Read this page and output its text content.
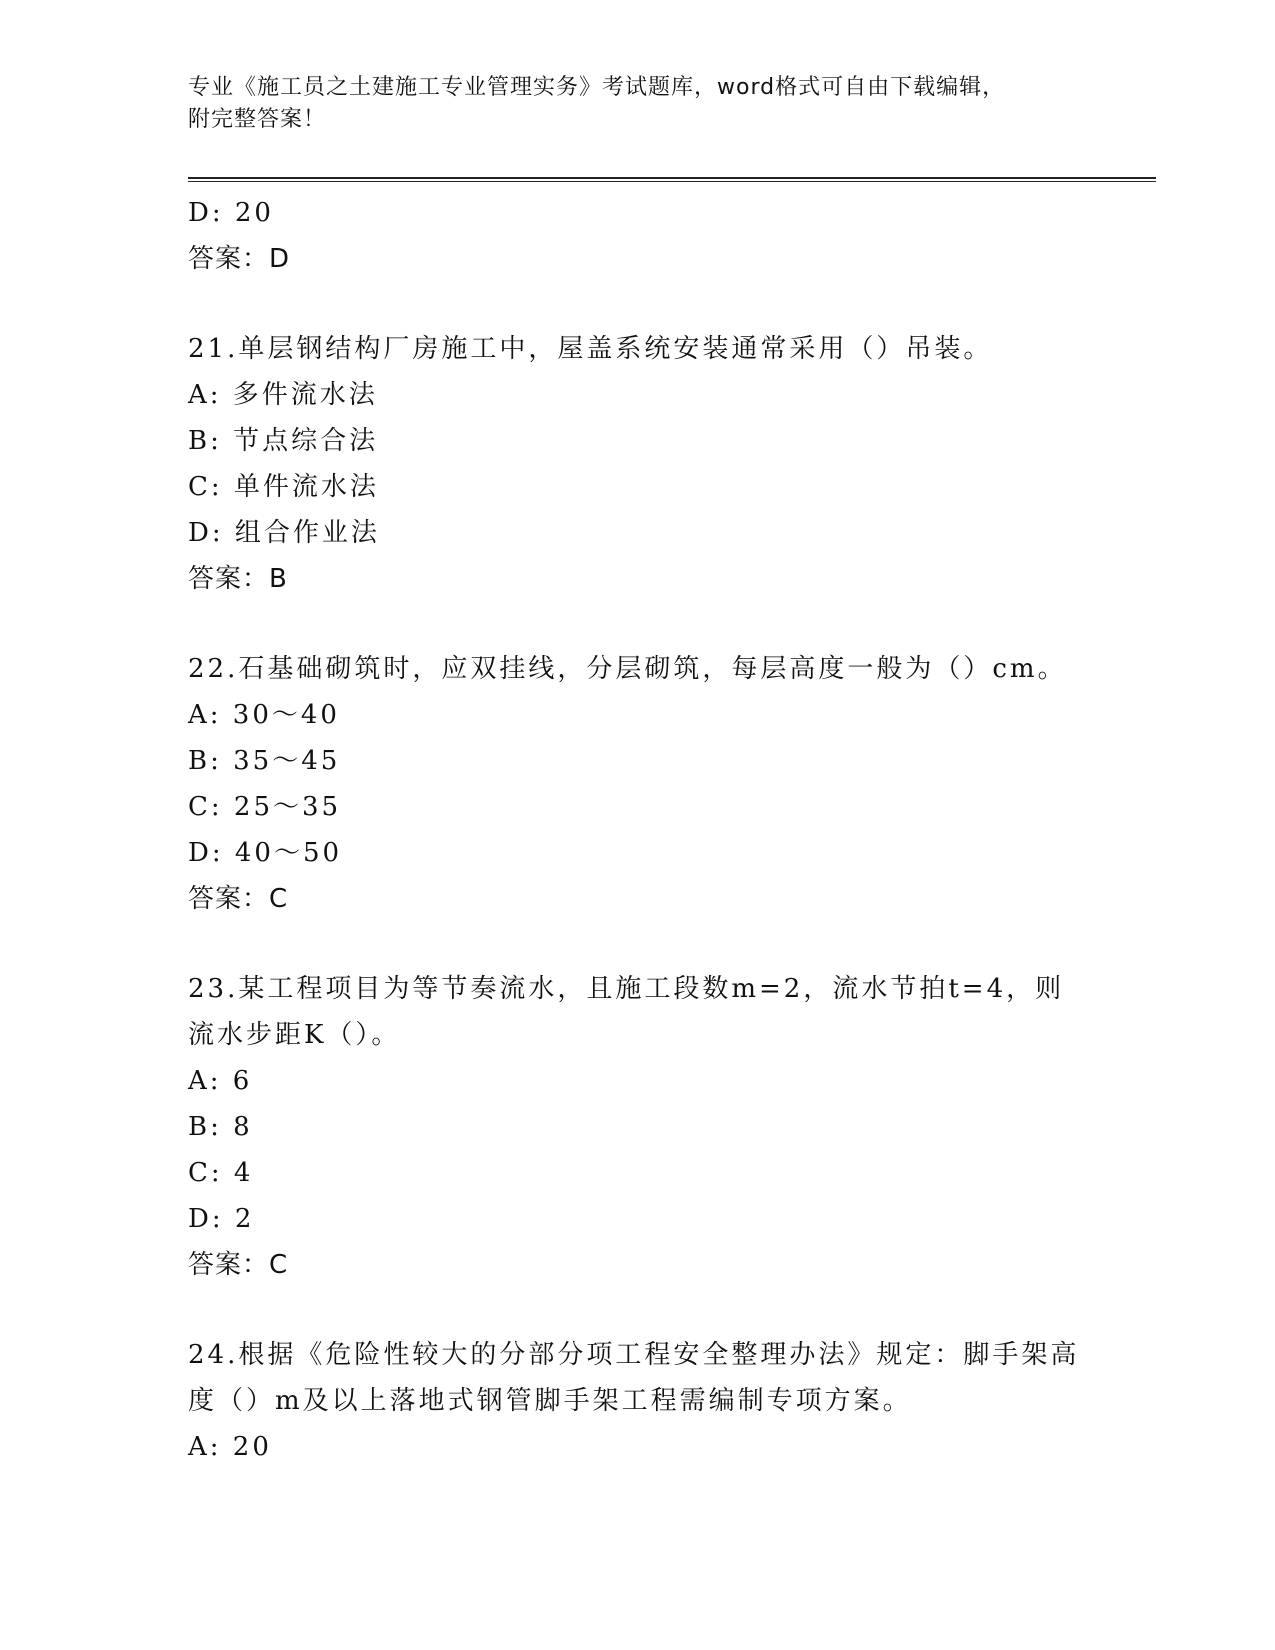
专业《施工员之土建施工专业管理实务》考试题库，word格式可自由下载编辑，
附完整答案！
D: 20
答案：D
21.单层钢结构厂房施工中，屋盖系统安装通常采用（）吊装。
A: 多件流水法
B: 节点综合法
C: 单件流水法
D: 组合作业法
答案：B
22.石基础砌筑时，应双挂线，分层砌筑，每层高度一般为（）cm。
A: 30～40
B: 35～45
C: 25～35
D: 40～50
答案：C
23.某工程项目为等节奏流水，且施工段数m=2，流水节拍t=4，则流水步距K（）。
A: 6
B: 8
C: 4
D: 2
答案：C
24.根据《危险性较大的分部分项工程安全整理办法》规定：脚手架高度（）m及以上落地式钢管脚手架工程需编制专项方案。
A: 20
